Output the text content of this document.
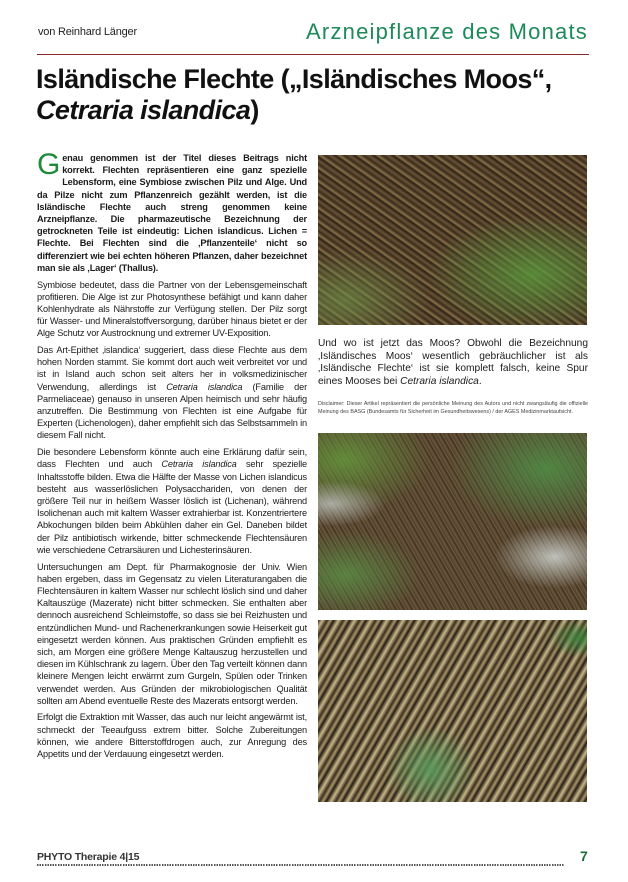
von Reinhard Länger	Arzneipflanze des Monats
Isländische Flechte („Isländisches Moos“, Cetraria islandica)

Genau genommen ist der Titel dieses Beitrags nicht korrekt. Flechten repräsentieren eine ganz spezielle Lebensform, eine Symbiose zwischen Pilz und Alge. Und da Pilze nicht zum Pflanzenreich gezählt werden, ist die Isländische Flechte auch streng genommen keine Arzneipflanze. Die pharmazeutische Bezeichnung der getrockneten Teile ist eindeutig: Lichen islandicus. Lichen = Flechte. Bei Flechten sind die ‚Pflanzenteile‘ nicht so differenziert wie bei echten höheren Pflanzen, daher bezeichnet man sie als ‚Lager‘ (Thallus).

Symbiose bedeutet, dass die Partner von der Lebensgemeinschaft profitieren. Die Alge ist zur Photosynthese befähigt und kann daher Kohlenhydrate als Nährstoffe zur Verfügung stellen. Der Pilz sorgt für Wasser- und Mineralstoffversorgung, darüber hinaus bietet er der Alge Schutz vor Austrocknung und extremer UV-Exposition.

Das Art-Epithet ‚islandica‘ suggeriert, dass diese Flechte aus dem hohen Norden stammt. Sie kommt dort auch weit verbreitet vor und ist in Island auch schon seit alters her in volksmedizinischer Verwendung, allerdings ist Cetraria islandica (Familie der Parmeliaceae) genauso in unseren Alpen heimisch und sehr häufig anzutreffen. Die Bestimmung von Flechten ist eine Aufgabe für Experten (Lichenologen), daher empfiehlt sich das Selbstsammeln in diesem Fall nicht.

Die besondere Lebensform könnte auch eine Erklärung dafür sein, dass Flechten und auch Cetraria islandica sehr spezielle Inhaltsstoffe bilden. Etwa die Hälfte der Masse von Lichen islandicus besteht aus wasserlöslichen Polysacchariden, von denen der größere Teil nur in heißem Wasser löslich ist (Lichenan), während Isolichenan auch mit kaltem Wasser extrahierbar ist. Konzentriertere Abkochungen bilden beim Abkühlen daher ein Gel. Daneben bildet der Pilz antibiotisch wirkende, bitter schmeckende Flechtensäuren wie verschiedene Cetrarsäuren und Lichesterinsäuren.

Untersuchungen am Dept. für Pharmakognosie der Univ. Wien haben ergeben, dass im Gegensatz zu vielen Literaturangaben die Flechtensäuren in kaltem Wasser nur schlecht löslich sind und daher Kaltauszüge (Mazerate) nicht bitter schmecken. Sie enthalten aber dennoch ausreichend Schleimstoffe, so dass sie bei Reizhusten und entzündlichen Mund- und Rachenerkrankungen sowie Heiserkeit gut eingesetzt werden können. Aus praktischen Gründen empfiehlt es sich, am Morgen eine größere Menge Kaltauszug herzustellen und diesen im Kühlschrank zu lagern. Über den Tag verteilt können dann kleinere Mengen leicht erwärmt zum Gurgeln, Spülen oder Trinken verwendet werden. Aus Gründen der mikrobiologischen Qualität sollten am Abend eventuelle Reste des Mazerats entsorgt werden.

Erfolgt die Extraktion mit Wasser, das auch nur leicht angewärmt ist, schmeckt der Teeaufguss extrem bitter. Solche Zubereitungen können, wie andere Bitterstoffdrogen auch, zur Anregung des Appetits und der Verdauung eingesetzt werden.

Und wo ist jetzt das Moos? Obwohl die Bezeichnung ‚Isländisches Moos‘ wesentlich gebräuchlicher ist als ‚Isländische Flechte‘ ist sie komplett falsch, keine Spur eines Mooses bei Cetraria islandica.

Disclaimer: Dieser Artikel repräsentiert die persönliche Meinung des Autors und nicht zwangsläufig die offizielle Meinung des BASG (Bundesamts für Sicherheit im Gesundheitswesens) / der AGES Medizinmarktaufsicht.

PHYTO Therapie 4|15	7
